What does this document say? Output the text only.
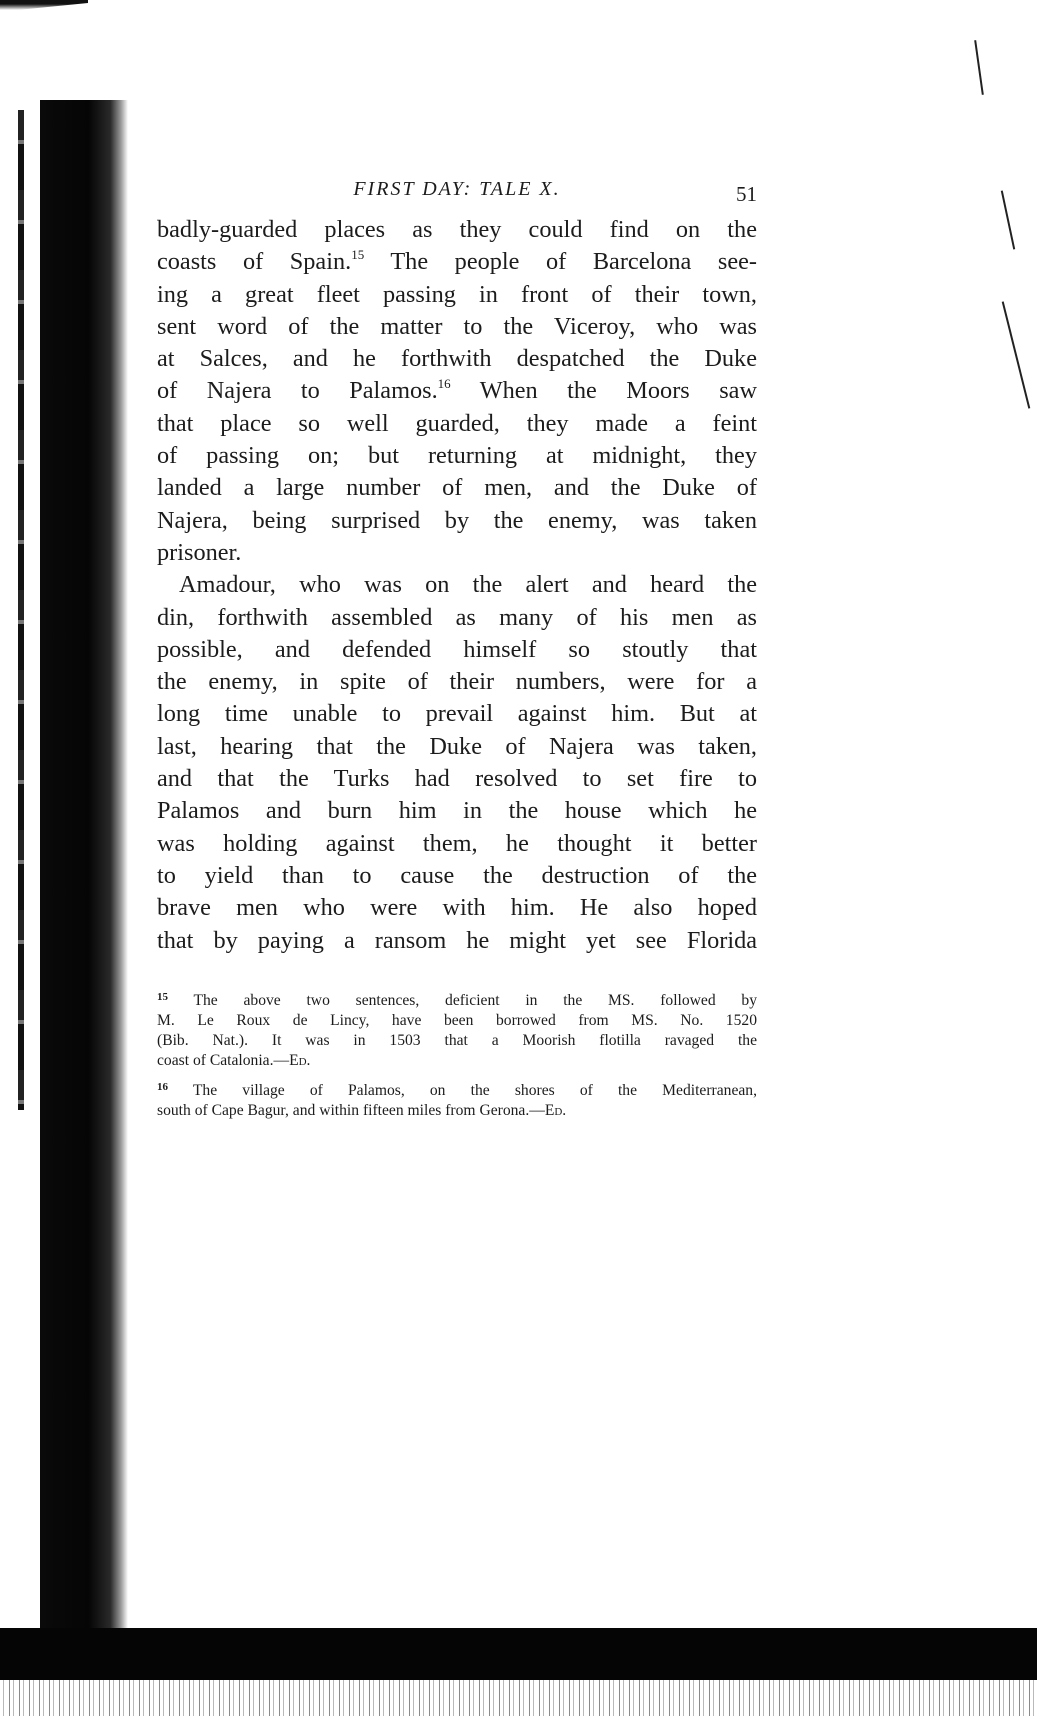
FIRST DAY: TALE X.	51

badly-guarded places as they could find on the
coasts of Spain.$^{15}$ The people of Barcelona see-
ing a great fleet passing in front of their town,
sent word of the matter to the Viceroy, who was
at Salces, and he forthwith despatched the Duke
of Najera to Palamos.$^{16}$ When the Moors saw
that place so well guarded, they made a feint
of passing on; but returning at midnight, they
landed a large number of men, and the Duke of
Najera, being surprised by the enemy, was taken
prisoner.

Amadour, who was on the alert and heard the
din, forthwith assembled as many of his men as
possible, and defended himself so stoutly that
the enemy, in spite of their numbers, were for a
long time unable to prevail against him. But at
last, hearing that the Duke of Najera was taken,
and that the Turks had resolved to set fire to
Palamos and burn him in the house which he
was holding against them, he thought it better
to yield than to cause the destruction of the
brave men who were with him. He also hoped
that by paying a ransom he might yet see Florida

$^{15}$ The above two sentences, deficient in the MS. followed by
M. Le Roux de Lincy, have been borrowed from MS. No. 1520
(Bib. Nat.). It was in 1503 that a Moorish flotilla ravaged the
coast of Catalonia.—Ed.
$^{16}$ The village of Palamos, on the shores of the Mediterranean,
south of Cape Bagur, and within fifteen miles from Gerona.—Ed.
